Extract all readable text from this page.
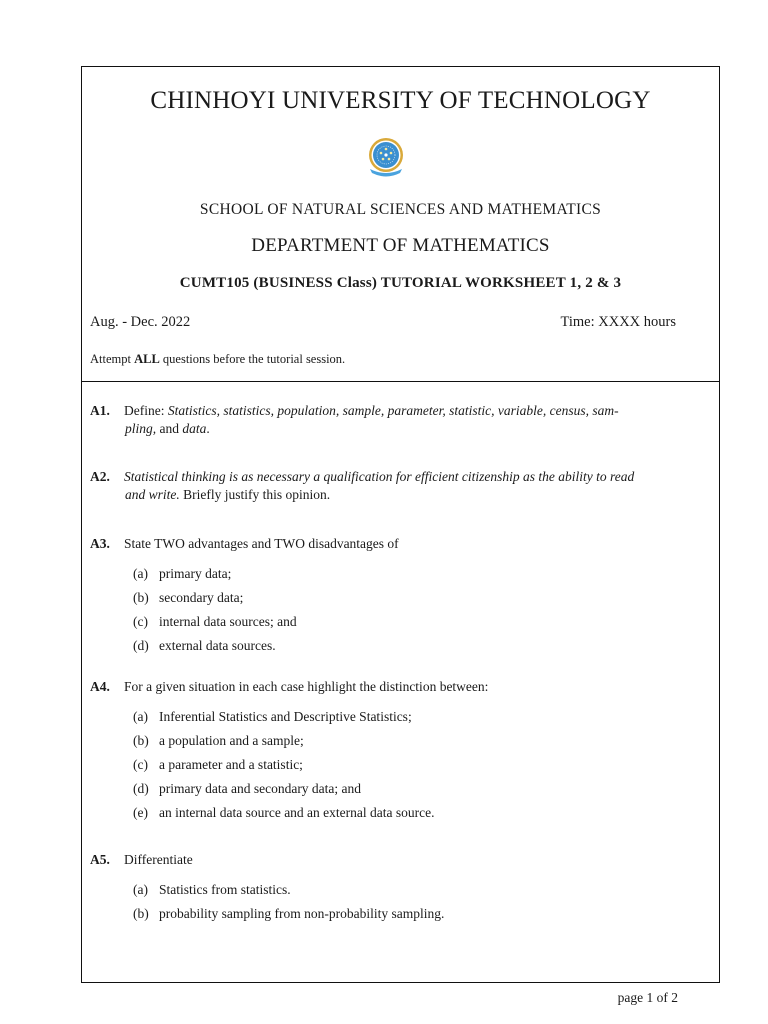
CHINHOYI UNIVERSITY OF TECHNOLOGY
SCHOOL OF NATURAL SCIENCES AND MATHEMATICS
DEPARTMENT OF MATHEMATICS
CUMT105 (BUSINESS Class) TUTORIAL WORKSHEET 1, 2 & 3
Aug. - Dec. 2022	Time: XXXX hours
Attempt ALL questions before the tutorial session.
A1. Define: Statistics, statistics, population, sample, parameter, statistic, variable, census, sam-
pling, and data.
A2. Statistical thinking is as necessary a qualification for efficient citizenship as the ability to read
and write. Briefly justify this opinion.
A3. State TWO advantages and TWO disadvantages of
(a) primary data;
(b) secondary data;
(c) internal data sources; and
(d) external data sources.
A4. For a given situation in each case highlight the distinction between:
(a) Inferential Statistics and Descriptive Statistics;
(b) a population and a sample;
(c) a parameter and a statistic;
(d) primary data and secondary data; and
(e) an internal data source and an external data source.
A5. Differentiate
(a) Statistics from statistics.
(b) probability sampling from non-probability sampling.
page 1 of 2
